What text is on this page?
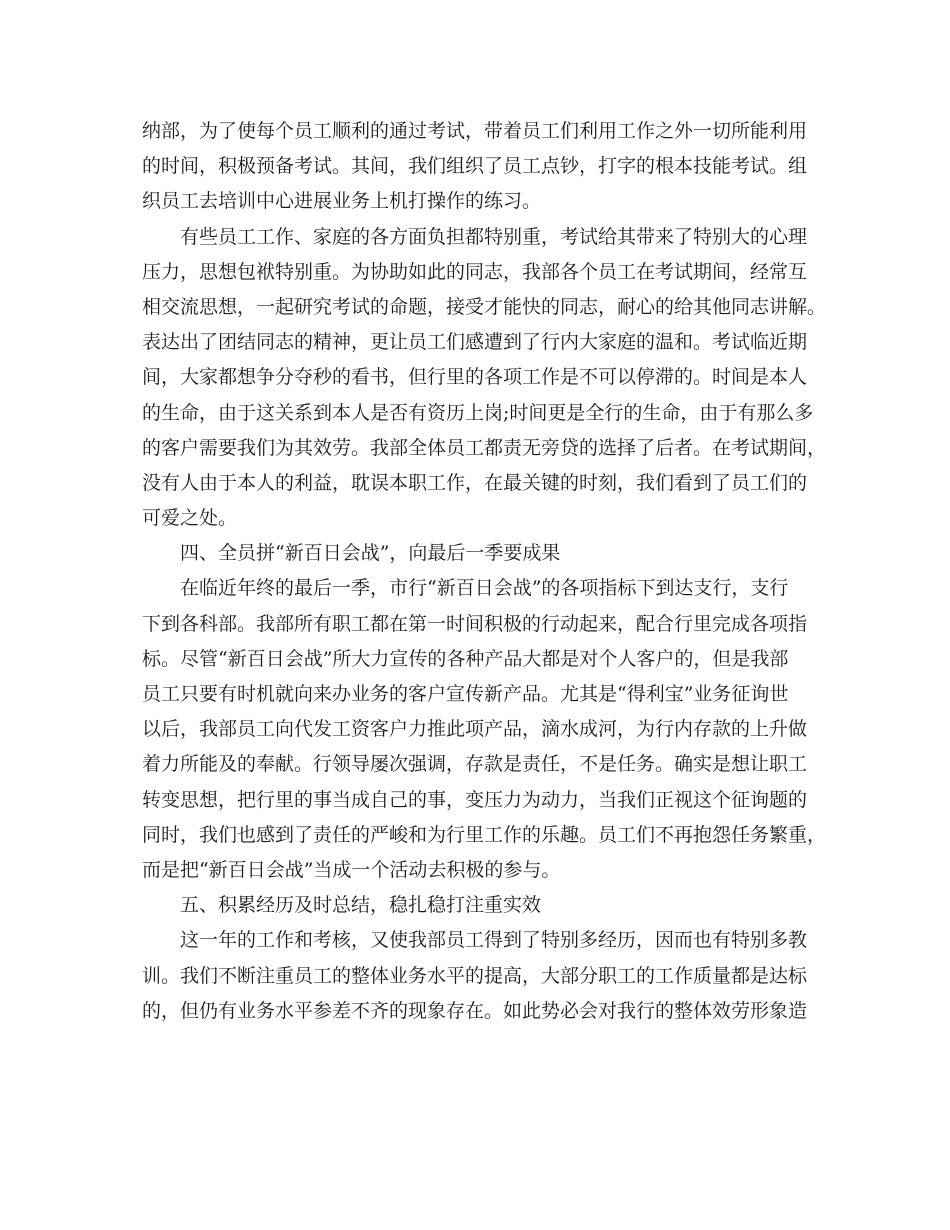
纳部，为了使每个员工顺利的通过考试，带着员工们利用工作之外一切所能利用
的时间，积极预备考试。其间，我们组织了员工点钞，打字的根本技能考试。组
织员工去培训中心进展业务上机打操作的练习。
有些员工工作、家庭的各方面负担都特别重，考试给其带来了特别大的心理
压力，思想包袱特别重。为协助如此的同志，我部各个员工在考试期间，经常互
相交流思想，一起研究考试的命题，接受才能快的同志，耐心的给其他同志讲解。
表达出了团结同志的精神，更让员工们感遭到了行内大家庭的温和。考试临近期
间，大家都想争分夺秒的看书，但行里的各项工作是不可以停滞的。时间是本人
的生命，由于这关系到本人是否有资历上岗;时间更是全行的生命，由于有那么多
的客户需要我们为其效劳。我部全体员工都责无旁贷的选择了后者。在考试期间，
没有人由于本人的利益，耽误本职工作，在最关键的时刻，我们看到了员工们的
可爱之处。
四、全员拼“新百日会战”，向最后一季要成果
在临近年终的最后一季，市行“新百日会战”的各项指标下到达支行，支行
下到各科部。我部所有职工都在第一时间积极的行动起来，配合行里完成各项指
标。尽管“新百日会战”所大力宣传的各种产品大都是对个人客户的，但是我部
员工只要有时机就向来办业务的客户宣传新产品。尤其是“得利宝”业务征询世
以后，我部员工向代发工资客户力推此项产品，滴水成河，为行内存款的上升做
着力所能及的奉献。行领导屡次强调，存款是责任，不是任务。确实是想让职工
转变思想，把行里的事当成自己的事，变压力为动力，当我们正视这个征询题的
同时，我们也感到了责任的严峻和为行里工作的乐趣。员工们不再抱怨任务繁重，
而是把“新百日会战”当成一个活动去积极的参与。
五、积累经历及时总结，稳扎稳打注重实效
这一年的工作和考核，又使我部员工得到了特别多经历，因而也有特别多教
训。我们不断注重员工的整体业务水平的提高，大部分职工的工作质量都是达标
的，但仍有业务水平参差不齐的现象存在。如此势必会对我行的整体效劳形象造
